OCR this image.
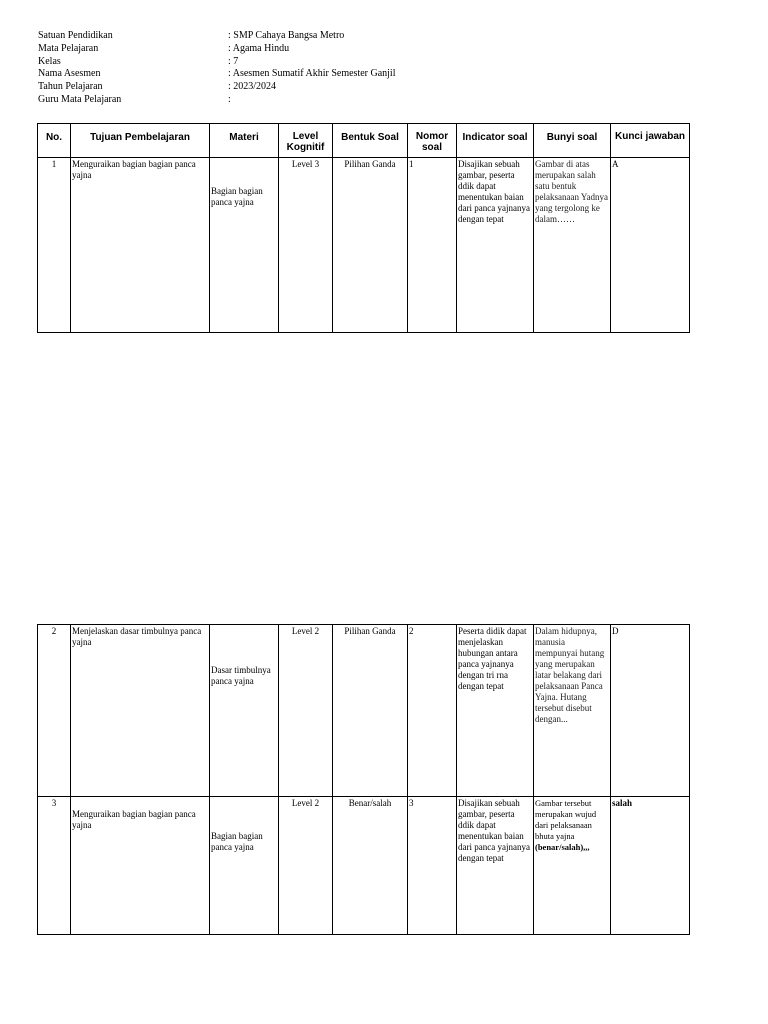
Satuan Pendidikan	: SMP Cahaya Bangsa Metro
Mata Pelajaran	: Agama Hindu
Kelas	: 7
Nama Asesmen	: Asesmen Sumatif Akhir Semester Ganjil
Tahun Pelajaran	: 2023/2024
Guru Mata Pelajaran	:
No.	Tujuan Pembelajaran	Materi	Level Kognitif	Bentuk Soal	Nomor soal	Indicator soal	Bunyi soal	Kunci jawaban
1	Menguraikan bagian bagian panca yajna	Bagian bagian panca yajna	Level 3	Pilihan Ganda	1	Disajikan sebuah gambar, peserta ddik dapat menentukan baian dari panca yajnanya dengan tepat	Gambar di atas merupakan salah satu bentuk pelaksanaan Yadnya yang tergolong ke dalam……	A
2	Menjelaskan dasar timbulnya panca yajna	Dasar timbulnya panca yajna	Level 2	Pilihan Ganda	2	Peserta didik dapat menjelaskan hubungan antara panca yajnanya dengan tri rna dengan tepat	Dalam hidupnya, manusia mempunyai hutang yang merupakan latar belakang dari pelaksanaan Panca Yajna. Hutang tersebut disebut dengan...	D
3	Menguraikan bagian bagian panca yajna	Bagian bagian panca yajna	Level 2	Benar/salah	3	Disajikan sebuah gambar, peserta ddik dapat menentukan baian dari panca yajnanya dengan tepat	Gambar tersebut merupakan wujud dari pelaksanaan bhuta yajna (benar/salah),,,	salah
